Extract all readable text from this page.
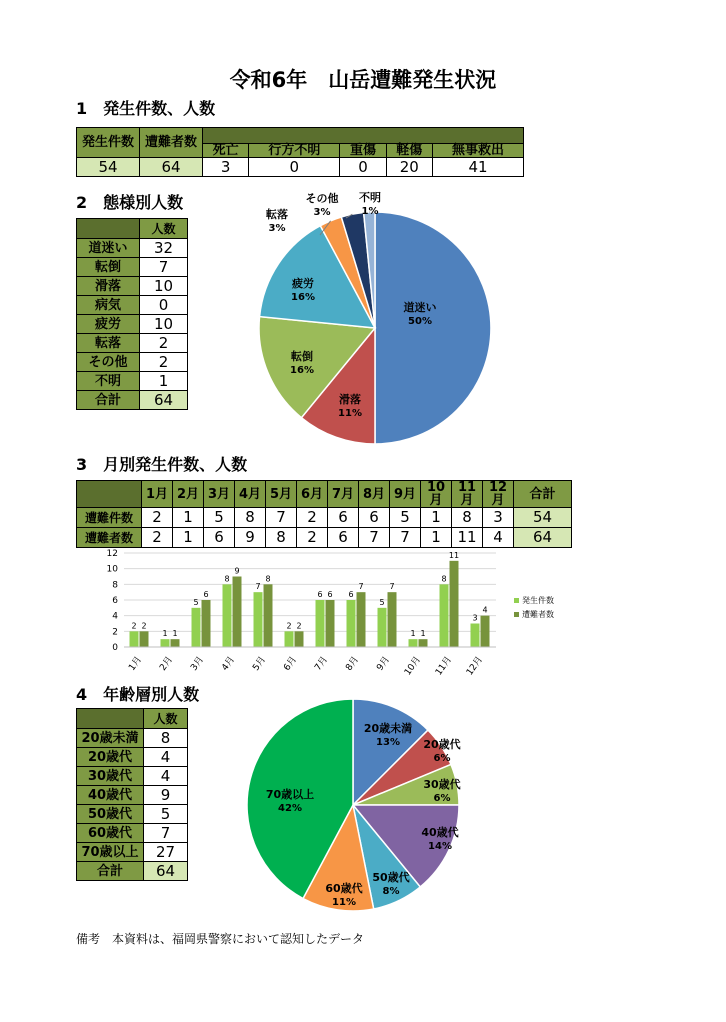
令和6年　山岳遭難発生状況
1　発生件数、人数
発生件数	遭難者数					
		死亡	行方不明	重傷	軽傷	無事救出
54	64	3	0	0	20	41
2　態様別人数
	人数
道迷い	32
転倒	7
滑落	10
病気	0
疲労	10
転落	2
その他	2
不明	1
合計	64
道迷い
50%
滑落
11%
転倒
16%
疲労
16%
転落
3%
その他
3%
不明
1%
3　月別発生件数、人数
	1月	2月	3月	4月	5月	6月	7月	8月	9月	10月	11月	12月	合計
遭難件数	2	1	5	8	7	2	6	6	5	1	8	3	54
遭難者数	2	1	6	9	8	2	6	7	7	1	11	4	64
0
2
4
6
8
10
12
2 2
1月
1 1
2月
5
6
3月
8
9
4月
7
8
5月
2 2
6月
6 6
7月
6
7
8月
5
7
9月
1 1
10月
8
11
11月
3
4
12月
発生件数
遭難者数
4　年齢層別人数
	人数
20歳未満	8
20歳代	4
30歳代	4
40歳代	9
50歳代	5
60歳代	7
70歳以上	27
合計	64
20歳未満
13% 20歳代
6%
30歳代
6%
40歳代
14%
50歳代
8%
60歳代
11%
70歳以上
42%
備考　本資料は、福岡県警察において認知したデータ
